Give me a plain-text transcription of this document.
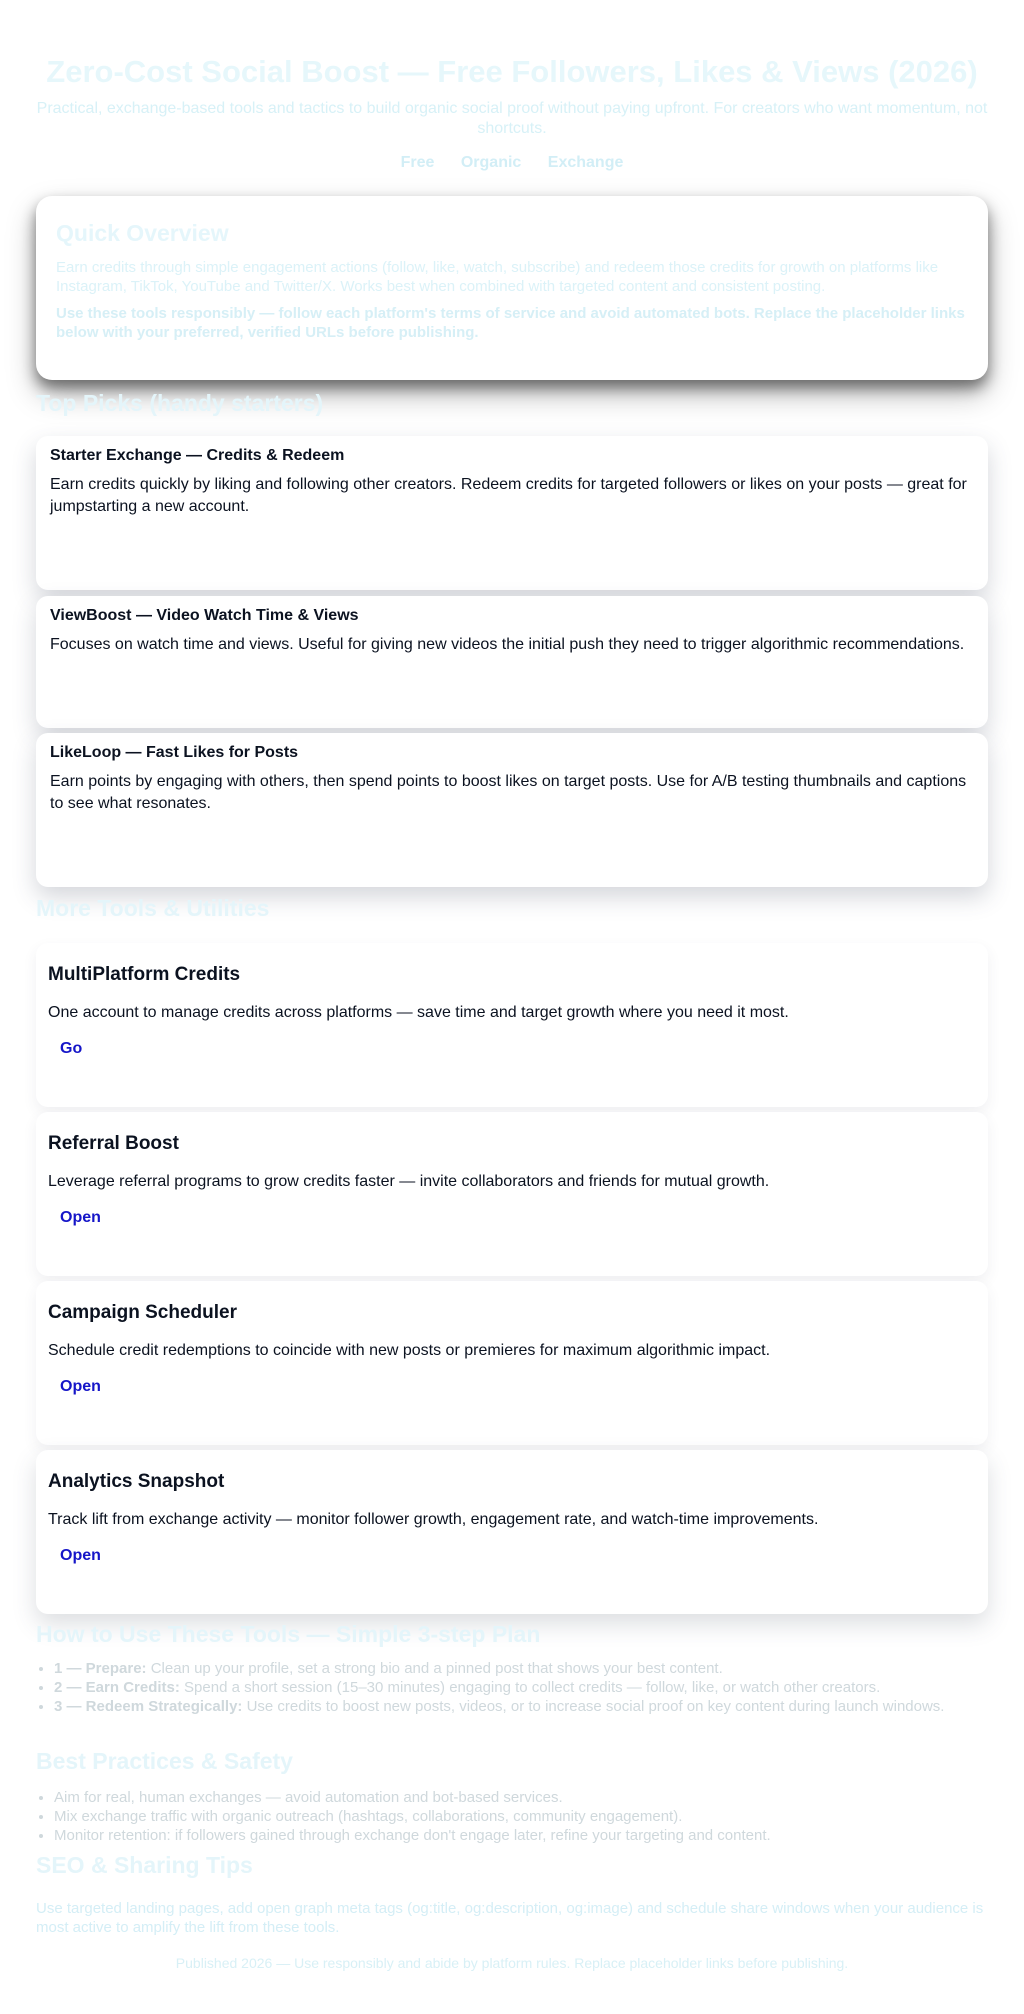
Zero-Cost Social Boost — Free Followers, Likes & Views (2026)

Practical, exchange-based tools and tactics to build organic social proof without paying upfront. For creators who want momentum, not shortcuts.

Free Organic Exchange
Quick Overview

Earn credits through simple engagement actions (follow, like, watch, subscribe) and redeem those credits for growth on platforms like Instagram, TikTok, YouTube and Twitter/X. Works best when combined with targeted content and consistent posting.

Use these tools responsibly — follow each platform's terms of service and avoid automated bots. Replace the placeholder links below with your preferred, verified URLs before publishing.

Top Picks (handy starters)
Starter Exchange — Credits & Redeem

Earn credits quickly by liking and following other creators. Redeem credits for targeted followers or likes on your posts — great for jumpstarting a new account.

ViewBoost — Video Watch Time & Views

Focuses on watch time and views. Useful for giving new videos the initial push they need to trigger algorithmic recommendations.

LikeLoop — Fast Likes for Posts

Earn points by engaging with others, then spend points to boost likes on target posts. Use for A/B testing thumbnails and captions to see what resonates.

More Tools & Utilities
MultiPlatform Credits

One account to manage credits across platforms — save time and target growth where you need it most.

Go
Referral Boost

Leverage referral programs to grow credits faster — invite collaborators and friends for mutual growth.

Open
Campaign Scheduler

Schedule credit redemptions to coincide with new posts or premieres for maximum algorithmic impact.

Open
Analytics Snapshot

Track lift from exchange activity — monitor follower growth, engagement rate, and watch-time improvements.

Open
How to Use These Tools — Simple 3-step Plan
• 1 — Prepare: Clean up your profile, set a strong bio and a pinned post that shows your best content.
• 2 — Earn Credits: Spend a short session (15–30 minutes) engaging to collect credits — follow, like, or watch other creators.
• 3 — Redeem Strategically: Use credits to boost new posts, videos, or to increase social proof on key content during launch windows.
Best Practices & Safety
• Aim for real, human exchanges — avoid automation and bot-based services.
• Mix exchange traffic with organic outreach (hashtags, collaborations, community engagement).
• Monitor retention: if followers gained through exchange don't engage later, refine your targeting and content.
SEO & Sharing Tips

Use targeted landing pages, add open graph meta tags (og:title, og:description, og:image) and schedule share windows when your audience is most active to amplify the lift from these tools.

Published 2026 — Use responsibly and abide by platform rules. Replace placeholder links before publishing.
